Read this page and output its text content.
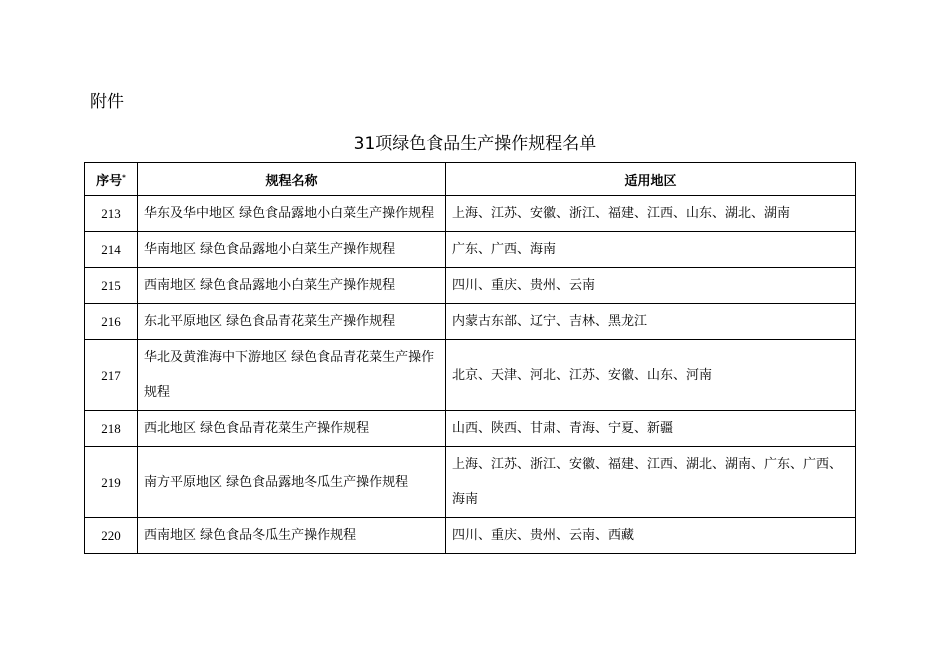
附件
31项绿色食品生产操作规程名单
序号*	规程名称	适用地区
213	华东及华中地区 绿色食品露地小白菜生产操作规程	上海、江苏、安徽、浙江、福建、江西、山东、湖北、湖南
214	华南地区 绿色食品露地小白菜生产操作规程	广东、广西、海南
215	西南地区 绿色食品露地小白菜生产操作规程	四川、重庆、贵州、云南
216	东北平原地区 绿色食品青花菜生产操作规程	内蒙古东部、辽宁、吉林、黑龙江
217	华北及黄淮海中下游地区 绿色食品青花菜生产操作规程	北京、天津、河北、江苏、安徽、山东、河南
218	西北地区 绿色食品青花菜生产操作规程	山西、陕西、甘肃、青海、宁夏、新疆
219	南方平原地区 绿色食品露地冬瓜生产操作规程	上海、江苏、浙江、安徽、福建、江西、湖北、湖南、广东、广西、海南
220	西南地区 绿色食品冬瓜生产操作规程	四川、重庆、贵州、云南、西藏
